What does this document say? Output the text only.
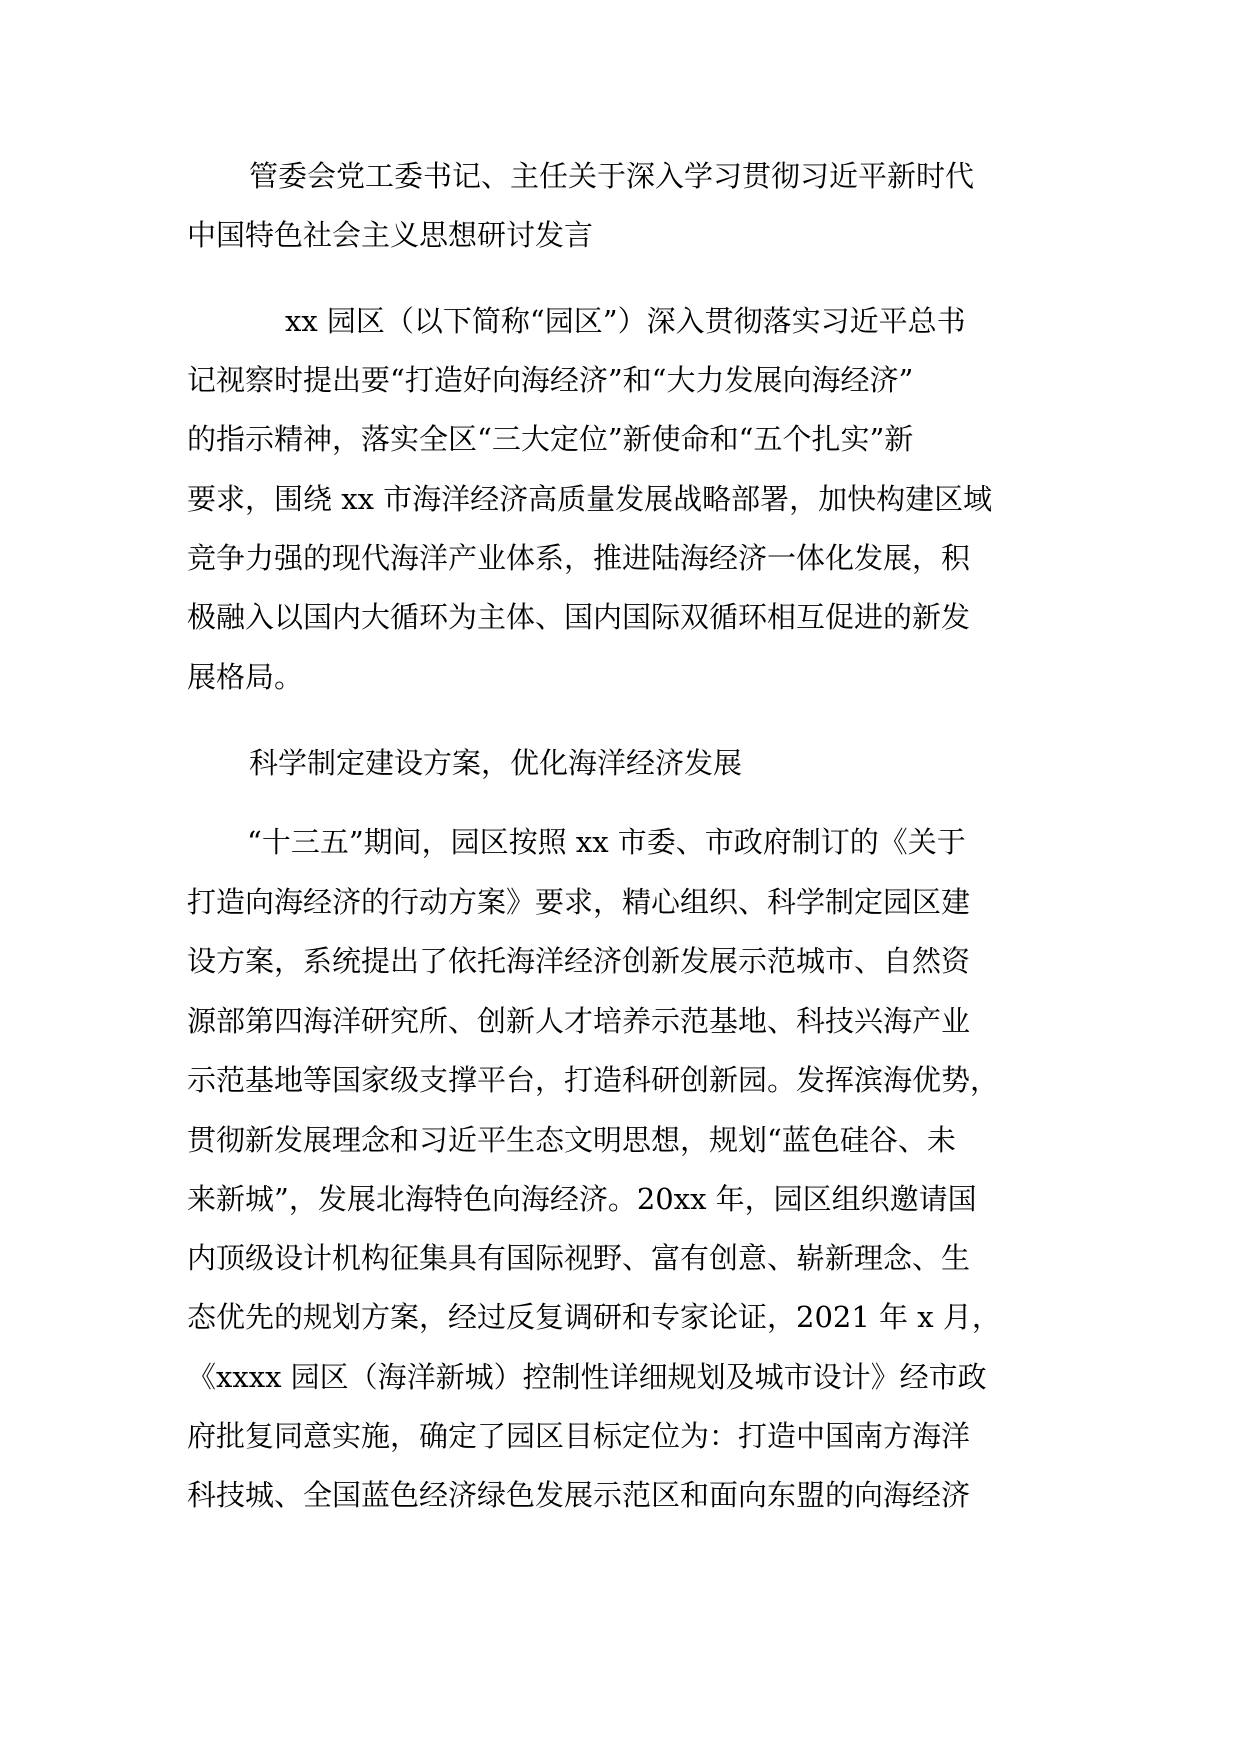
管委会党工委书记、主任关于深入学习贯彻习近平新时代
中国特色社会主义思想研讨发言
xx 园区（以下简称“园区”）深入贯彻落实习近平总书
记视察时提出要“打造好向海经济”和“大力发展向海经济”
的指示精神，落实全区“三大定位”新使命和“五个扎实”新
要求，围绕 xx 市海洋经济高质量发展战略部署，加快构建区域
竞争力强的现代海洋产业体系，推进陆海经济一体化发展，积
极融入以国内大循环为主体、国内国际双循环相互促进的新发
展格局。
科学制定建设方案，优化海洋经济发展
“十三五”期间，园区按照 xx 市委、市政府制订的《关于
打造向海经济的行动方案》要求，精心组织、科学制定园区建
设方案，系统提出了依托海洋经济创新发展示范城市、自然资
源部第四海洋研究所、创新人才培养示范基地、科技兴海产业
示范基地等国家级支撑平台，打造科研创新园。发挥滨海优势，
贯彻新发展理念和习近平生态文明思想，规划“蓝色硅谷、未
来新城”，发展北海特色向海经济。20xx 年，园区组织邀请国
内顶级设计机构征集具有国际视野、富有创意、崭新理念、生
态优先的规划方案，经过反复调研和专家论证，2021 年 x 月，
《xxxx 园区（海洋新城）控制性详细规划及城市设计》经市政
府批复同意实施，确定了园区目标定位为：打造中国南方海洋
科技城、全国蓝色经济绿色发展示范区和面向东盟的向海经济
